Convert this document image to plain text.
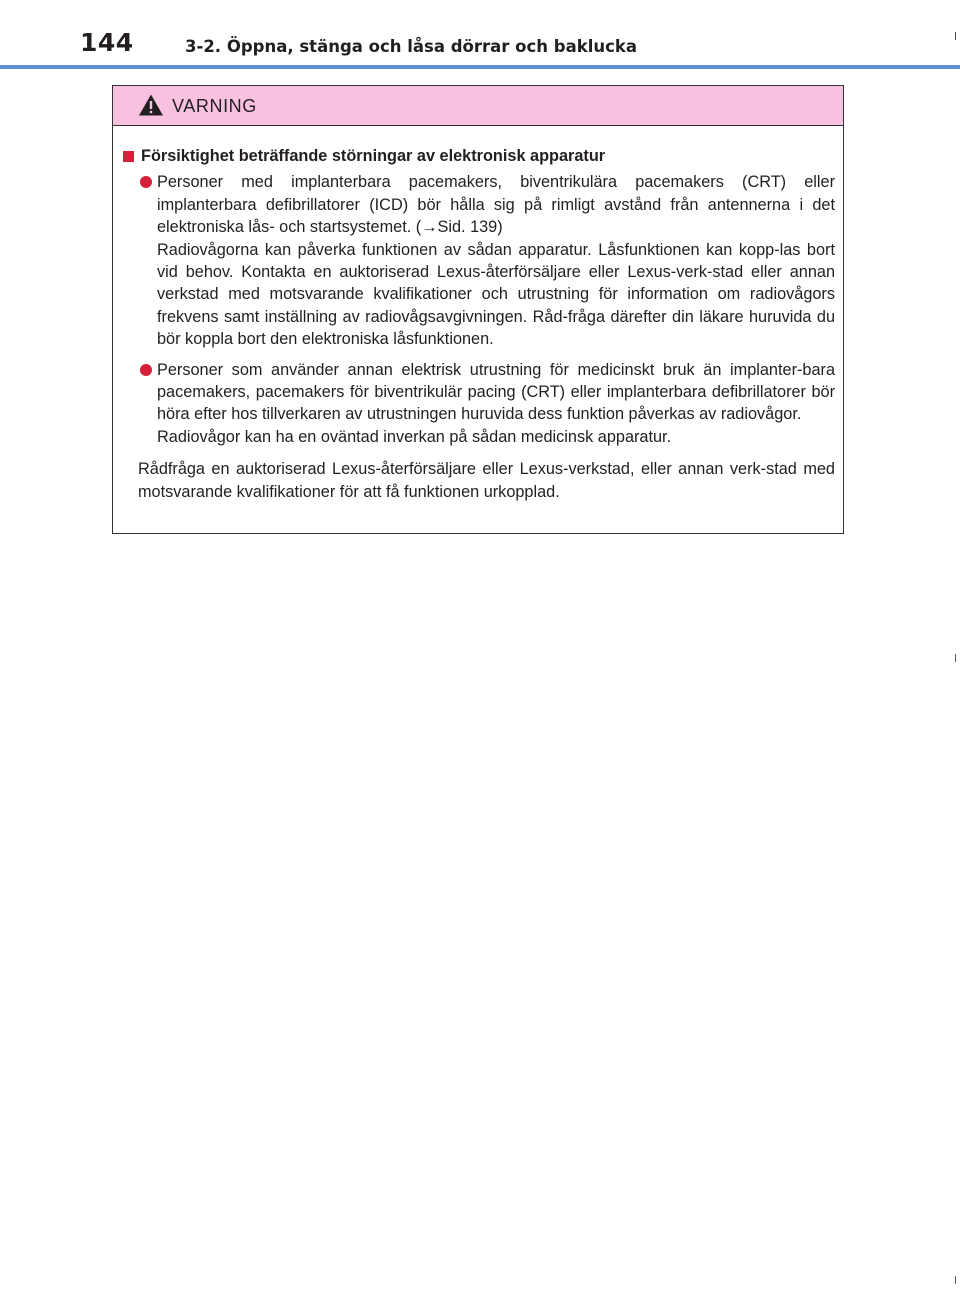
144	3-2. Öppna, stänga och låsa dörrar och baklucka
VARNING
Försiktighet beträffande störningar av elektronisk apparatur
Personer med implanterbara pacemakers, biventrikulära pacemakers (CRT) eller implanterbara defibrillatorer (ICD) bör hålla sig på rimligt avstånd från antennerna i det elektroniska lås- och startsystemet. (→Sid. 139)
Radiovågorna kan påverka funktionen av sådan apparatur. Låsfunktionen kan kopp-las bort vid behov. Kontakta en auktoriserad Lexus-återförsäljare eller Lexus-verk-stad eller annan verkstad med motsvarande kvalifikationer och utrustning för information om radiovågors frekvens samt inställning av radiovågsavgivningen. Råd-fråga därefter din läkare huruvida du bör koppla bort den elektroniska låsfunktionen.
Personer som använder annan elektrisk utrustning för medicinskt bruk än implanter-bara pacemakers, pacemakers för biventrikulär pacing (CRT) eller implanterbara defibrillatorer bör höra efter hos tillverkaren av utrustningen huruvida dess funktion påverkas av radiovågor.
Radiovågor kan ha en oväntad inverkan på sådan medicinsk apparatur.
Rådfråga en auktoriserad Lexus-återförsäljare eller Lexus-verkstad, eller annan verk-stad med motsvarande kvalifikationer för att få funktionen urkopplad.
